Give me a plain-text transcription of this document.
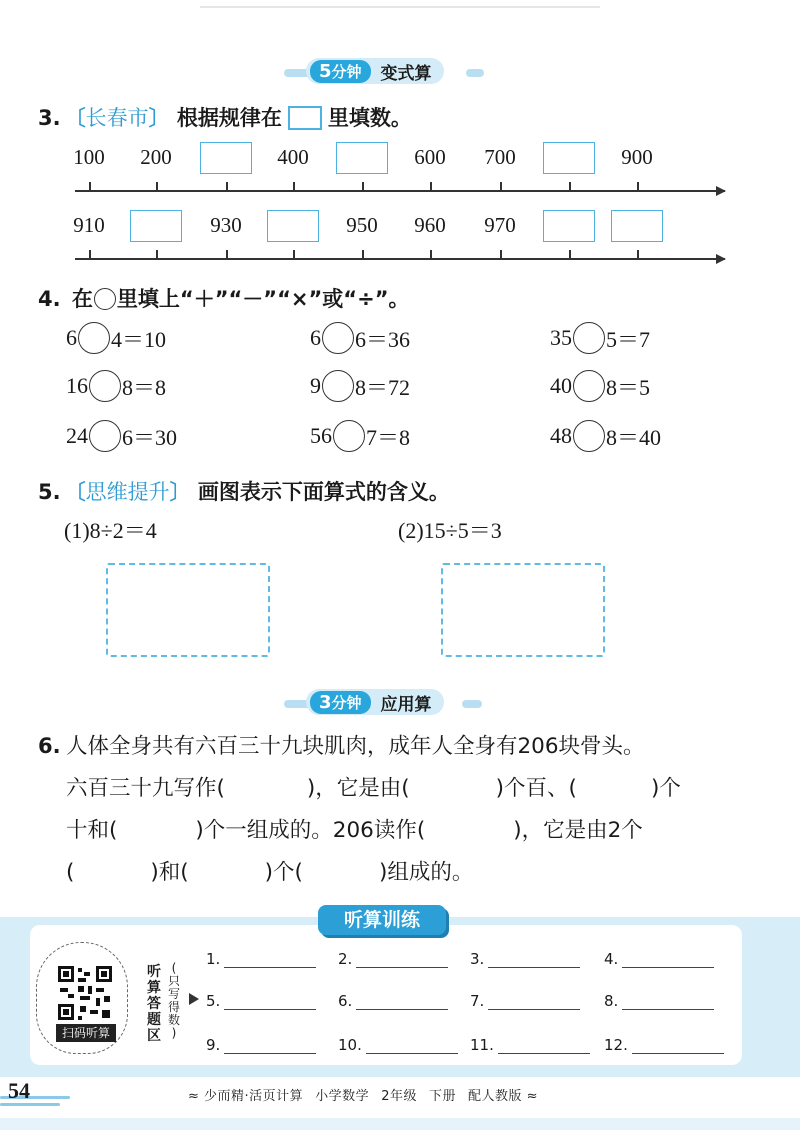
5分钟	变式算
3. 〔长春市〕 根据规律在 里填数。
100	200	400	600	700	900
910	930	950	960	970
4. 在 里填上“＋”“－”“×”或“÷”。
6 4＝10	6 6＝36	35 5＝7
16 8＝8	9 8＝72	40 8＝5
24 6＝30	56 7＝8	48 8＝40
5. 〔思维提升〕 画图表示下面算式的含义。
(1)8÷2＝4	(2)15÷5＝3
3分钟	应用算
6. 人体全身共有六百三十九块肌肉，成年人全身有206块骨头。
六百三十九写作(	)，它是由(	)个百、(	)个
十和(	)个一组成的。206读作(	)，它是由2个
(	)和(	)个(	)组成的。
听算训练
扫码听算
听
算
答
题
区
(
只
写
得
数
)
1.	2.	3.	4.
5.	6.	7.	8.
9.	10.	11.	12.
54	≈ 少而精·活页计算 小学数学 2年级 下册 配人教版 ≈
